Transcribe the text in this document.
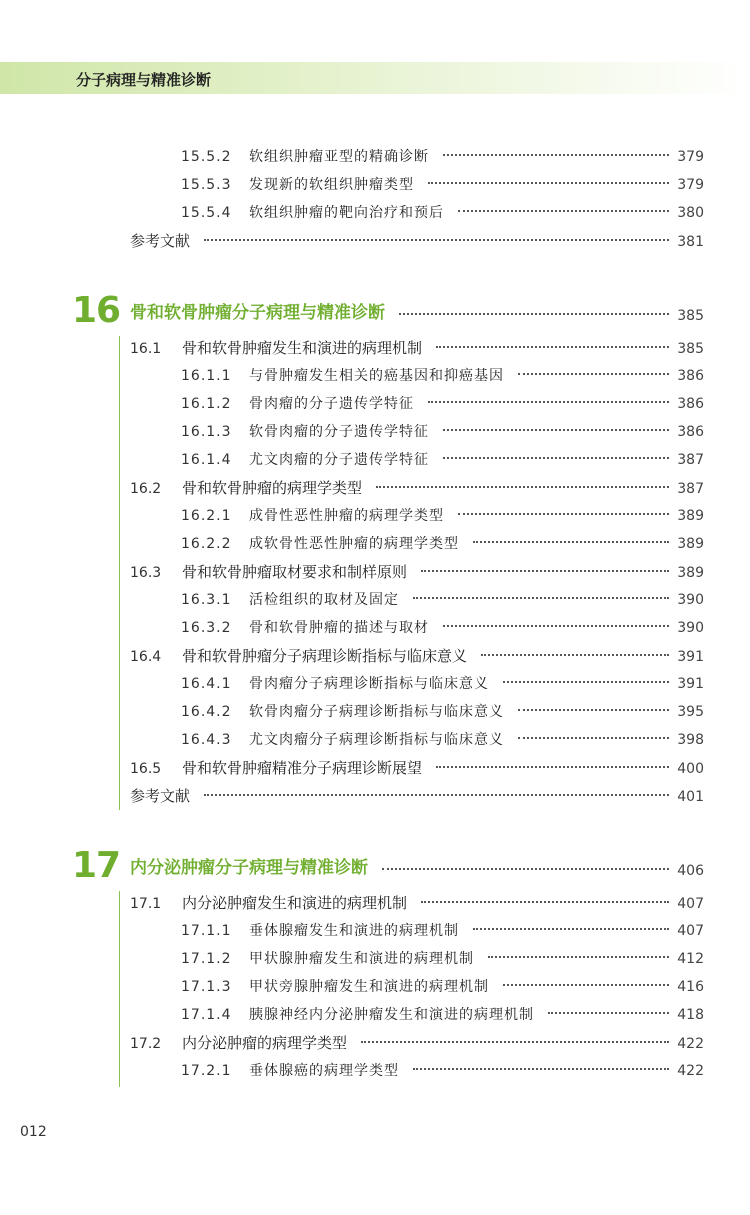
分子病理与精准诊断
15.5.2	软组织肿瘤亚型的精确诊断	379
15.5.3	发现新的软组织肿瘤类型	379
15.5.4	软组织肿瘤的靶向治疗和预后	380
参考文献	381
16 骨和软骨肿瘤分子病理与精准诊断	385
16.1	骨和软骨肿瘤发生和演进的病理机制	385
16.1.1	与骨肿瘤发生相关的癌基因和抑癌基因	386
16.1.2	骨肉瘤的分子遗传学特征	386
16.1.3	软骨肉瘤的分子遗传学特征	386
16.1.4	尤文肉瘤的分子遗传学特征	387
16.2	骨和软骨肿瘤的病理学类型	387
16.2.1	成骨性恶性肿瘤的病理学类型	389
16.2.2	成软骨性恶性肿瘤的病理学类型	389
16.3	骨和软骨肿瘤取材要求和制样原则	389
16.3.1	活检组织的取材及固定	390
16.3.2	骨和软骨肿瘤的描述与取材	390
16.4	骨和软骨肿瘤分子病理诊断指标与临床意义	391
16.4.1	骨肉瘤分子病理诊断指标与临床意义	391
16.4.2	软骨肉瘤分子病理诊断指标与临床意义	395
16.4.3	尤文肉瘤分子病理诊断指标与临床意义	398
16.5	骨和软骨肿瘤精准分子病理诊断展望	400
参考文献	401
17 内分泌肿瘤分子病理与精准诊断	406
17.1	内分泌肿瘤发生和演进的病理机制	407
17.1.1	垂体腺瘤发生和演进的病理机制	407
17.1.2	甲状腺肿瘤发生和演进的病理机制	412
17.1.3	甲状旁腺肿瘤发生和演进的病理机制	416
17.1.4	胰腺神经内分泌肿瘤发生和演进的病理机制	418
17.2	内分泌肿瘤的病理学类型	422
17.2.1	垂体腺癌的病理学类型	422
012
